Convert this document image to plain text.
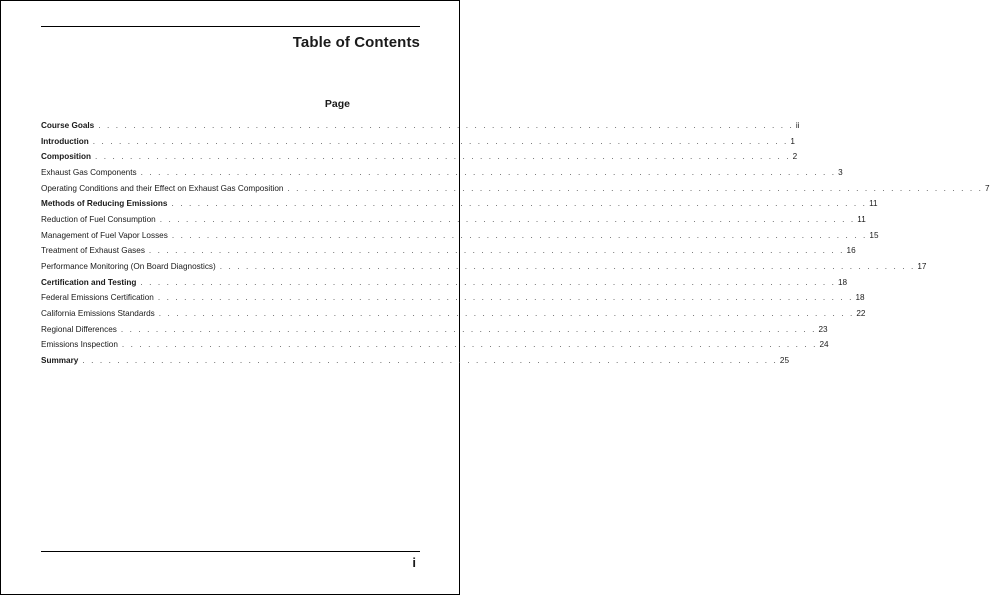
Table of Contents
Page
Course Goals . . . . . . . . . . . . . . . . . . . . . . . . . . . . . . . . . . . . . . . . . . . . . . . . . . . . . . . . . . . . . . . . . . . . . . . . . . . . . . . . ii
Introduction . . . . . . . . . . . . . . . . . . . . . . . . . . . . . . . . . . . . . . . . . . . . . . . . . . . . . . . . . . . . . . . . . . . . . . . . . . . . . . . . 1
Composition . . . . . . . . . . . . . . . . . . . . . . . . . . . . . . . . . . . . . . . . . . . . . . . . . . . . . . . . . . . . . . . . . . . . . . . . . . . . . . . . 2
Exhaust Gas Components . . . . . . . . . . . . . . . . . . . . . . . . . . . . . . . . . . . . . . . . . . . . . . . . . . . . . . . . . . . . . . . . . . . . . . . . . . . . . . . . 3
Operating Conditions and their Effect on Exhaust Gas Composition . . . . . . . . . . . . . . . . . . . . . . . . . . . . . . . . . . . . . . . . . . . . . . . . . . . . . . . . . . . . . . . . . . . . . . . . . . . . . . . . 7
Methods of Reducing Emissions . . . . . . . . . . . . . . . . . . . . . . . . . . . . . . . . . . . . . . . . . . . . . . . . . . . . . . . . . . . . . . . . . . . . . . . . . . . . . . . . 11
Reduction of Fuel Consumption . . . . . . . . . . . . . . . . . . . . . . . . . . . . . . . . . . . . . . . . . . . . . . . . . . . . . . . . . . . . . . . . . . . . . . . . . . . . . . . . 11
Management of Fuel Vapor Losses . . . . . . . . . . . . . . . . . . . . . . . . . . . . . . . . . . . . . . . . . . . . . . . . . . . . . . . . . . . . . . . . . . . . . . . . . . . . . . . . 15
Treatment of Exhaust Gases . . . . . . . . . . . . . . . . . . . . . . . . . . . . . . . . . . . . . . . . . . . . . . . . . . . . . . . . . . . . . . . . . . . . . . . . . . . . . . . . 16
Performance Monitoring (On Board Diagnostics) . . . . . . . . . . . . . . . . . . . . . . . . . . . . . . . . . . . . . . . . . . . . . . . . . . . . . . . . . . . . . . . . . . . . . . . . . . . . . . . . 17
Certification and Testing . . . . . . . . . . . . . . . . . . . . . . . . . . . . . . . . . . . . . . . . . . . . . . . . . . . . . . . . . . . . . . . . . . . . . . . . . . . . . . . . 18
Federal Emissions Certification . . . . . . . . . . . . . . . . . . . . . . . . . . . . . . . . . . . . . . . . . . . . . . . . . . . . . . . . . . . . . . . . . . . . . . . . . . . . . . . . 18
California Emissions Standards . . . . . . . . . . . . . . . . . . . . . . . . . . . . . . . . . . . . . . . . . . . . . . . . . . . . . . . . . . . . . . . . . . . . . . . . . . . . . . . . 22
Regional Differences . . . . . . . . . . . . . . . . . . . . . . . . . . . . . . . . . . . . . . . . . . . . . . . . . . . . . . . . . . . . . . . . . . . . . . . . . . . . . . . . 23
Emissions Inspection . . . . . . . . . . . . . . . . . . . . . . . . . . . . . . . . . . . . . . . . . . . . . . . . . . . . . . . . . . . . . . . . . . . . . . . . . . . . . . . . 24
Summary . . . . . . . . . . . . . . . . . . . . . . . . . . . . . . . . . . . . . . . . . . . . . . . . . . . . . . . . . . . . . . . . . . . . . . . . . . . . . . . . 25
i
